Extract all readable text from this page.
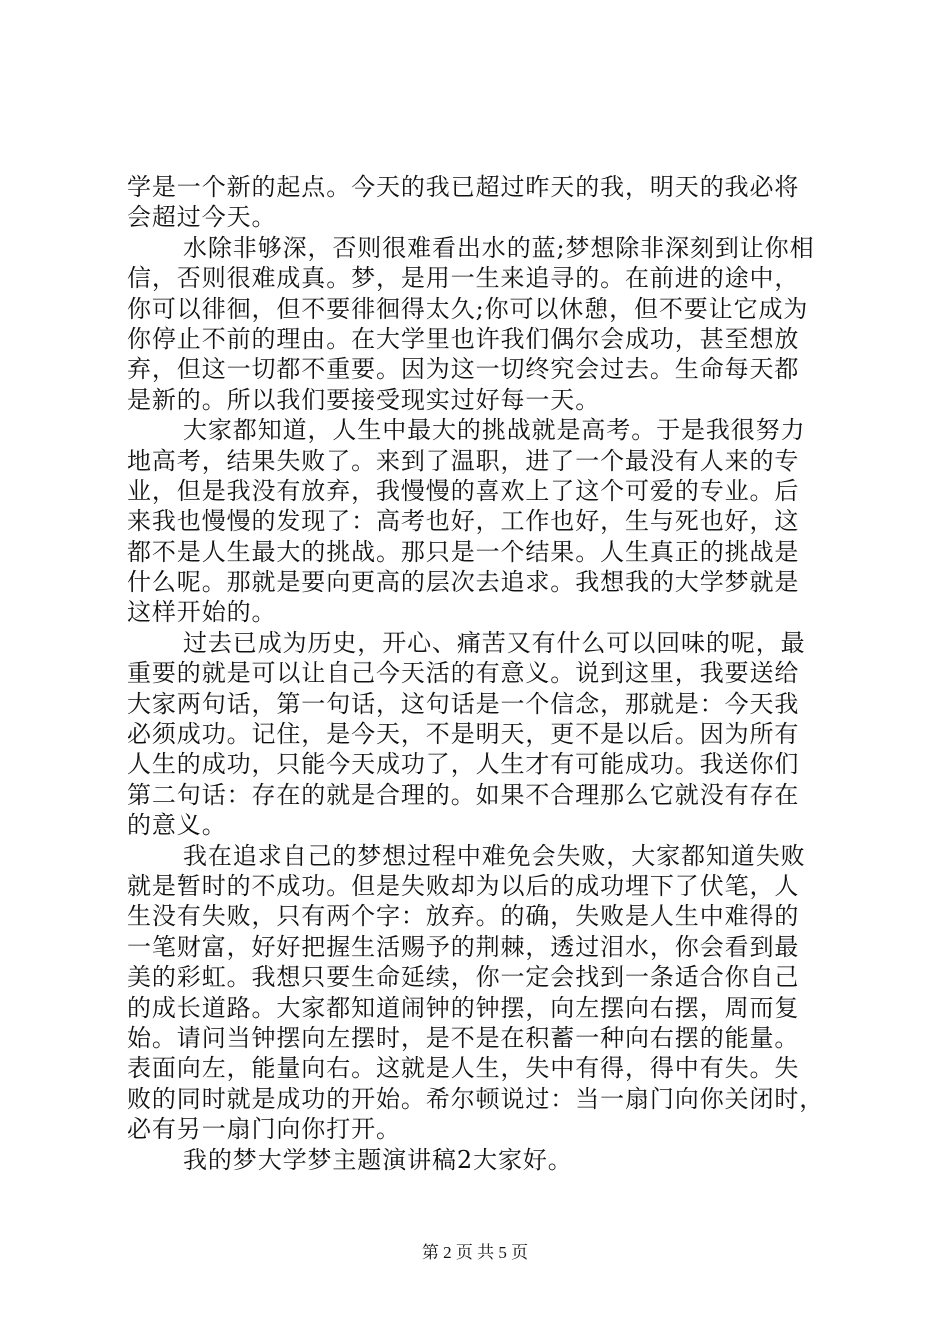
学是一个新的起点。今天的我已超过昨天的我，明天的我必将
会超过今天。
水除非够深，否则很难看出水的蓝;梦想除非深刻到让你相
信，否则很难成真。梦，是用一生来追寻的。在前进的途中，
你可以徘徊，但不要徘徊得太久;你可以休憩，但不要让它成为
你停止不前的理由。在大学里也许我们偶尔会成功，甚至想放
弃，但这一切都不重要。因为这一切终究会过去。生命每天都
是新的。所以我们要接受现实过好每一天。
大家都知道，人生中最大的挑战就是高考。于是我很努力
地高考，结果失败了。来到了温职，进了一个最没有人来的专
业，但是我没有放弃，我慢慢的喜欢上了这个可爱的专业。后
来我也慢慢的发现了：高考也好，工作也好，生与死也好，这
都不是人生最大的挑战。那只是一个结果。人生真正的挑战是
什么呢。那就是要向更高的层次去追求。我想我的大学梦就是
这样开始的。
过去已成为历史，开心、痛苦又有什么可以回味的呢，最
重要的就是可以让自己今天活的有意义。说到这里，我要送给
大家两句话，第一句话，这句话是一个信念，那就是：今天我
必须成功。记住，是今天，不是明天，更不是以后。因为所有
人生的成功，只能今天成功了，人生才有可能成功。我送你们
第二句话：存在的就是合理的。如果不合理那么它就没有存在
的意义。
我在追求自己的梦想过程中难免会失败，大家都知道失败
就是暂时的不成功。但是失败却为以后的成功埋下了伏笔，人
生没有失败，只有两个字：放弃。的确，失败是人生中难得的
一笔财富，好好把握生活赐予的荆棘，透过泪水，你会看到最
美的彩虹。我想只要生命延续，你一定会找到一条适合你自己
的成长道路。大家都知道闹钟的钟摆，向左摆向右摆，周而复
始。请问当钟摆向左摆时，是不是在积蓄一种向右摆的能量。
表面向左，能量向右。这就是人生，失中有得，得中有失。失
败的同时就是成功的开始。希尔顿说过：当一扇门向你关闭时，
必有另一扇门向你打开。
我的梦大学梦主题演讲稿2大家好。
第 2 页 共 5 页
